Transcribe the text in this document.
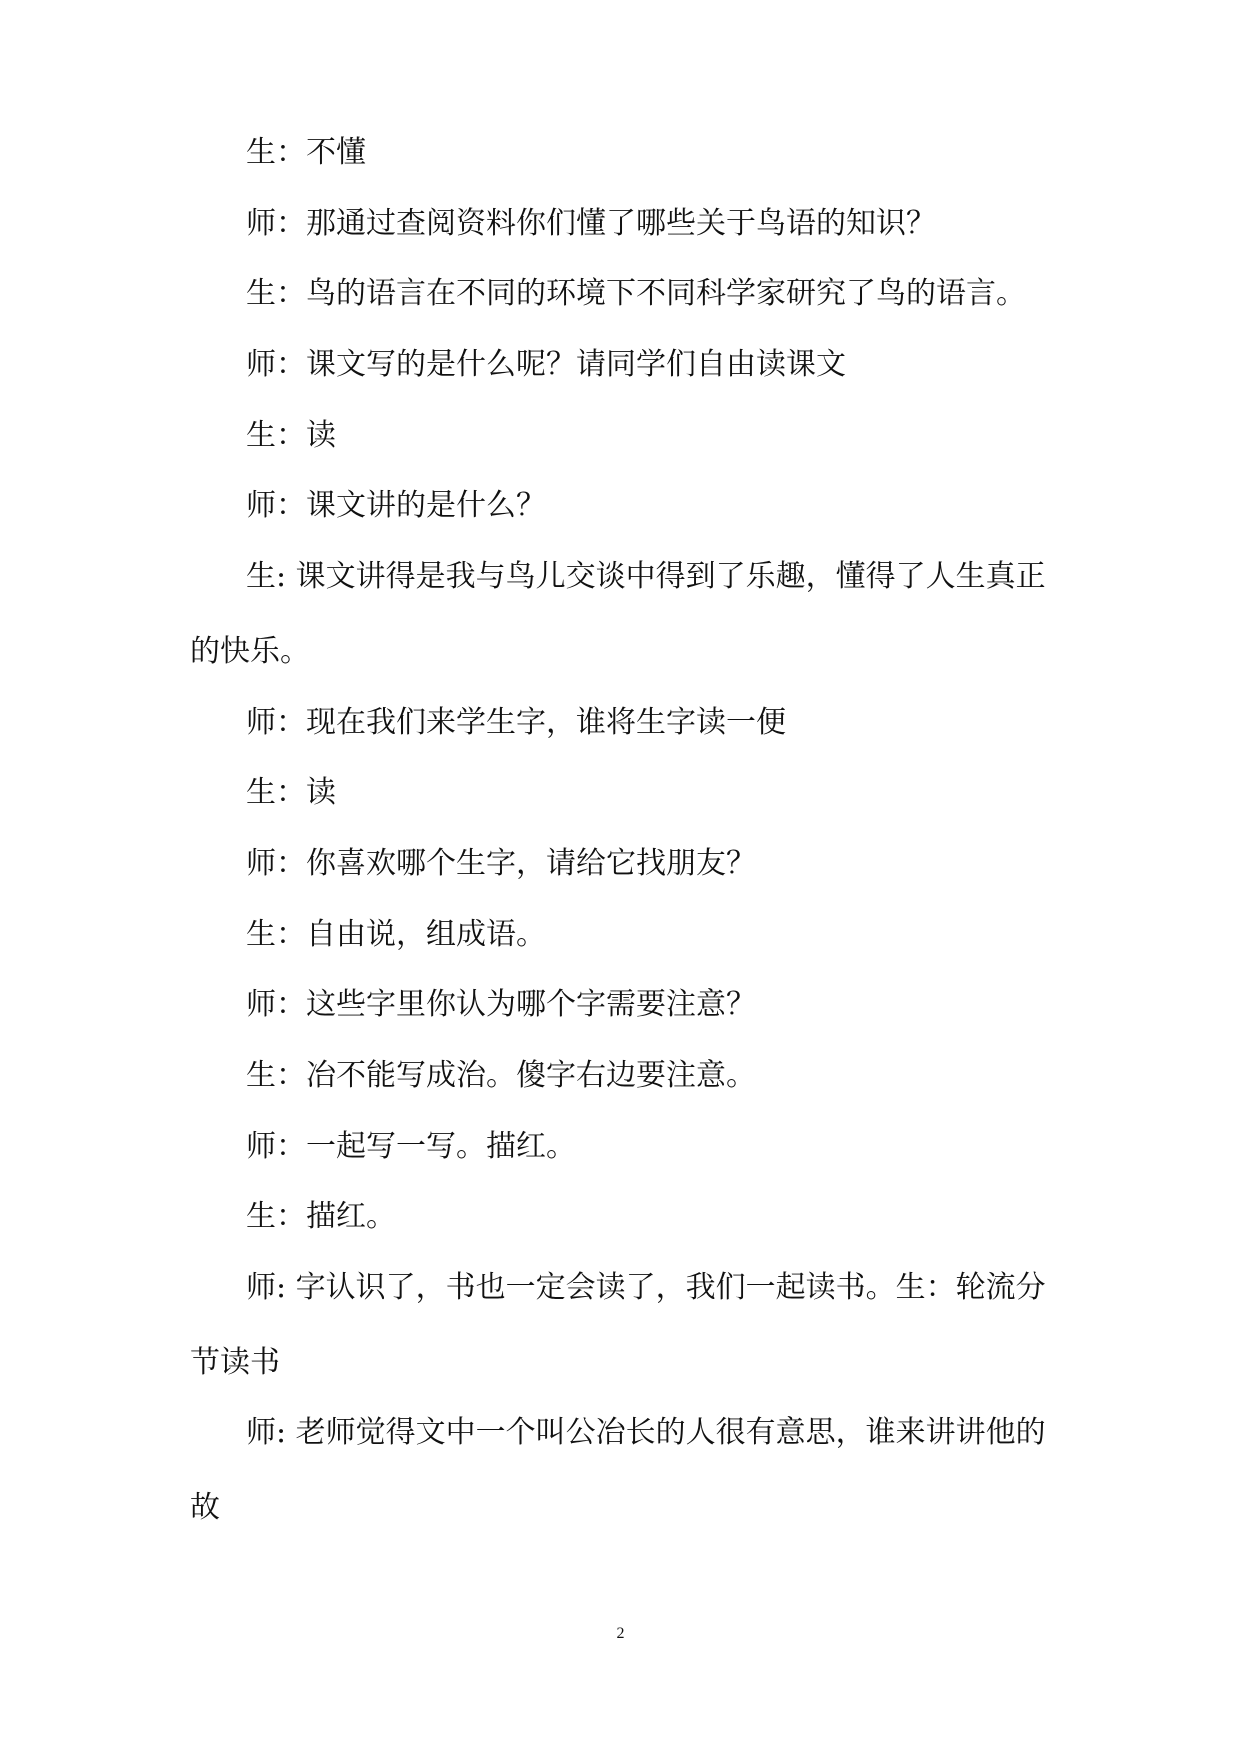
生：不懂

师：那通过查阅资料你们懂了哪些关于鸟语的知识？

生：鸟的语言在不同的环境下不同科学家研究了鸟的语言。

师：课文写的是什么呢？请同学们自由读课文

生：读

师：课文讲的是什么？

生: 课文讲得是我与鸟儿交谈中得到了乐趣，懂得了人生真正的快乐。

师：现在我们来学生字，谁将生字读一便

生：读

师：你喜欢哪个生字，请给它找朋友？

生：自由说，组成语。

师：这些字里你认为哪个字需要注意？

生：冶不能写成治。傻字右边要注意。

师：一起写一写。描红。

生：描红。

师: 字认识了，书也一定会读了，我们一起读书。生：轮流分节读书

师: 老师觉得文中一个叫公冶长的人很有意思，谁来讲讲他的故

2
